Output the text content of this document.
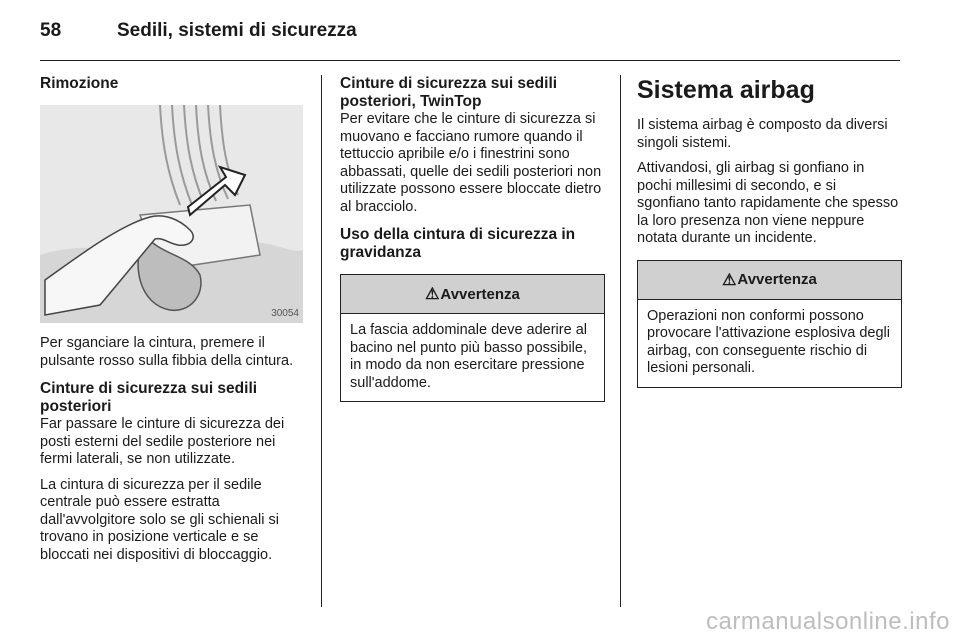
58	Sedili, sistemi di sicurezza
Rimozione
30054

Per sganciare la cintura, premere il pulsante rosso sulla fibbia della cintura.

Cinture di sicurezza sui sedili posteriori

Far passare le cinture di sicurezza dei posti esterni del sedile posteriore nei fermi laterali, se non utilizzate.

La cintura di sicurezza per il sedile centrale può essere estratta dall'avvolgitore solo se gli schienali si trovano in posizione verticale e se bloccati nei dispositivi di bloccaggio.

Cinture di sicurezza sui sedili posteriori, TwinTop

Per evitare che le cinture di sicurezza si muovano e facciano rumore quando il tettuccio apribile e/o i finestrini sono abbassati, quelle dei sedili posteriori non utilizzate possono essere bloccate dietro al bracciolo.

Uso della cintura di sicurezza in gravidanza
⚠ Avvertenza
La fascia addominale deve aderire al bacino nel punto più basso possibile, in modo da non esercitare pressione sull'addome.
Sistema airbag

Il sistema airbag è composto da diversi singoli sistemi.

Attivandosi, gli airbag si gonfiano in pochi millesimi di secondo, e si sgonfiano tanto rapidamente che spesso la loro presenza non viene neppure notata durante un incidente.

⚠ Avvertenza
Operazioni non conformi possono provocare l'attivazione esplosiva degli airbag, con conseguente rischio di lesioni personali.
carmanualsonline.info
